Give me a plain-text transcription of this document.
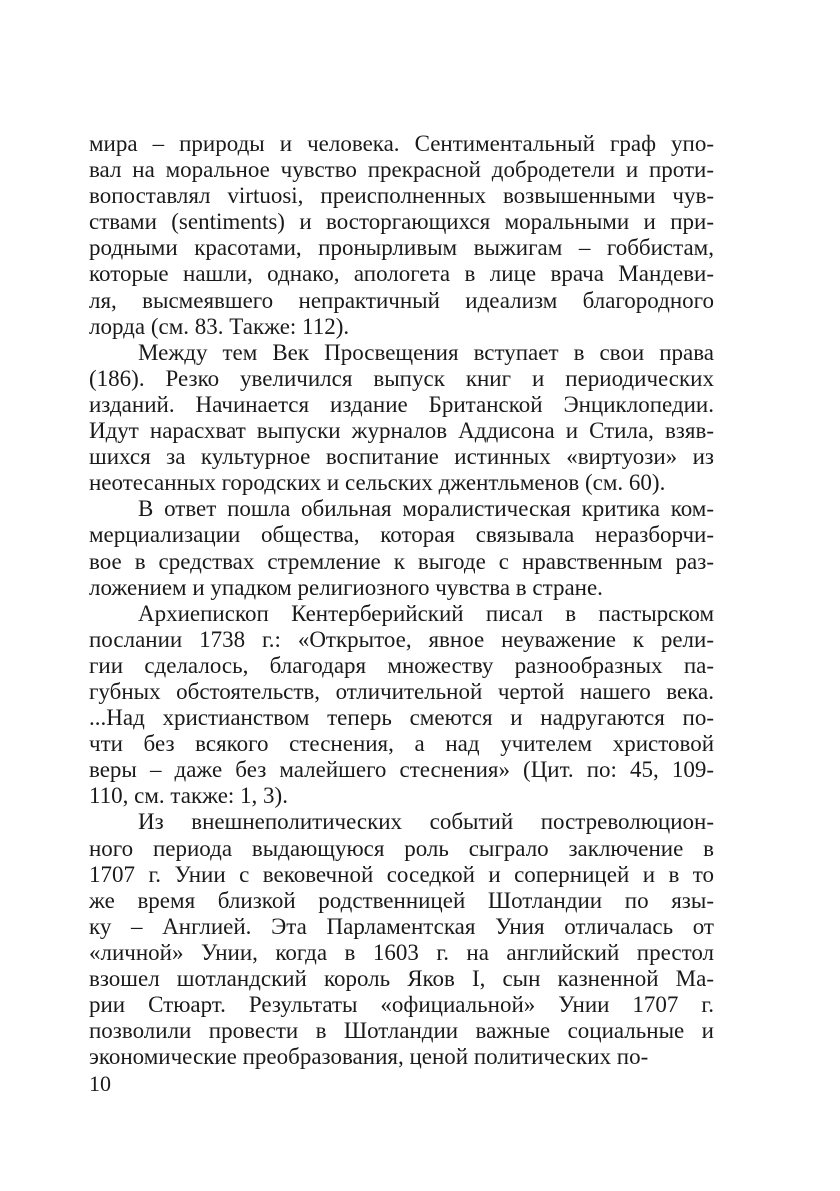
мира – природы и человека. Сентиментальный граф упо-
вал на моральное чувство прекрасной добродетели и проти-
вопоставлял virtuosi, преисполненных возвышенными чув-
ствами (sentiments) и восторгающихся моральными и при-
родными красотами, пронырливым выжигам – гоббистам,
которые нашли, однако, апологета в лице врача Мандеви-
ля, высмеявшего непрактичный идеализм благородного
лорда (см. 83. Также: 112).
Между тем Век Просвещения вступает в свои права
(186). Резко увеличился выпуск книг и периодических
изданий. Начинается издание Британской Энциклопедии.
Идут нарасхват выпуски журналов Аддисона и Стила, взяв-
шихся за культурное воспитание истинных «виртуози» из
неотесанных городских и сельских джентльменов (см. 60).
В ответ пошла обильная моралистическая критика ком-
мерциализации общества, которая связывала неразборчи-
вое в средствах стремление к выгоде с нравственным раз-
ложением и упадком религиозного чувства в стране.
Архиепископ Кентерберийский писал в пастырском
послании 1738 г.: «Открытое, явное неуважение к рели-
гии сделалось, благодаря множеству разнообразных па-
губных обстоятельств, отличительной чертой нашего века.
...Над христианством теперь смеются и надругаются по-
чти без всякого стеснения, а над учителем христовой
веры – даже без малейшего стеснения» (Цит. по: 45, 109-
110, см. также: 1, 3).
Из внешнеполитических событий постреволюцион-
ного периода выдающуюся роль сыграло заключение в
1707 г. Унии с вековечной соседкой и соперницей и в то
же время близкой родственницей Шотландии по язы-
ку – Англией. Эта Парламентская Уния отличалась от
«личной» Унии, когда в 1603 г. на английский престол
взошел шотландский король Яков I, сын казненной Ма-
рии Стюарт. Результаты «официальной» Унии 1707 г.
позволили провести в Шотландии важные социальные и
экономические преобразования, ценой политических по-
10
